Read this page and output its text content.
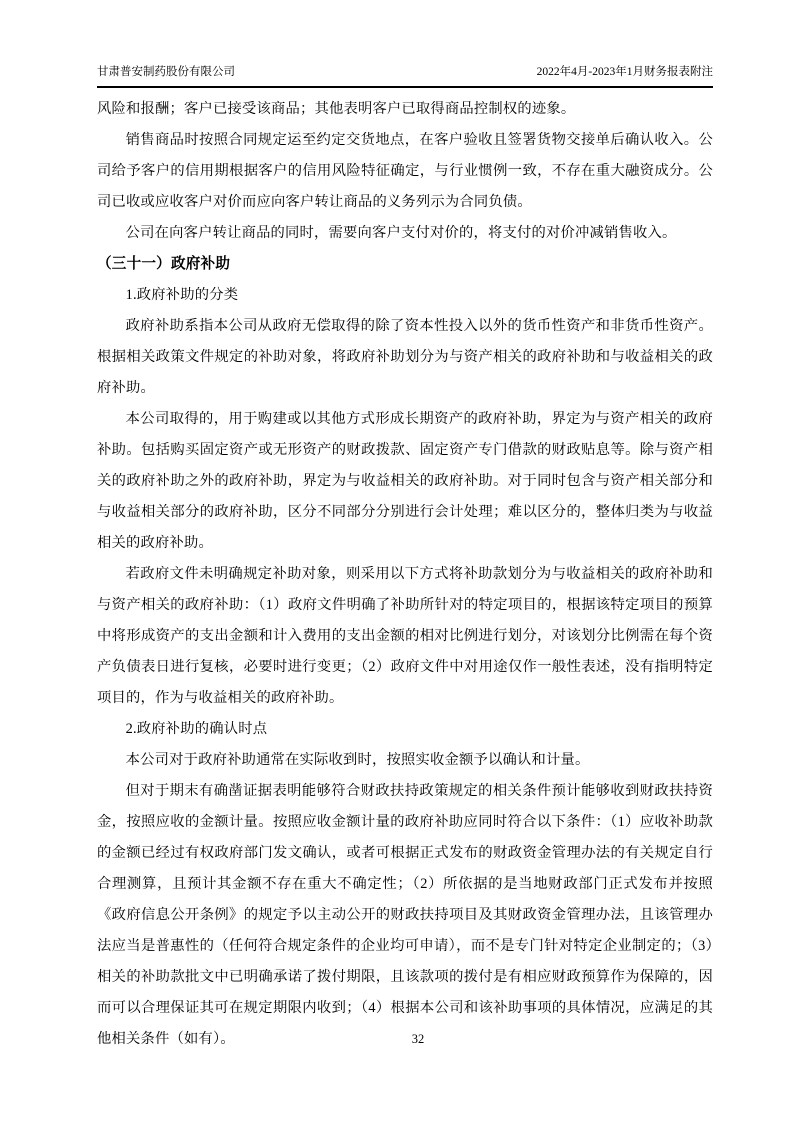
甘肃普安制药股份有限公司	2022年4月-2023年1月财务报表附注

风险和报酬；客户已接受该商品；其他表明客户已取得商品控制权的迹象。

销售商品时按照合同规定运至约定交货地点，在客户验收且签署货物交接单后确认收入。公司给予客户的信用期根据客户的信用风险特征确定，与行业惯例一致，不存在重大融资成分。公司已收或应收客户对价而应向客户转让商品的义务列示为合同负债。

公司在向客户转让商品的同时，需要向客户支付对价的，将支付的对价冲减销售收入。

（三十一）政府补助

1.政府补助的分类

政府补助系指本公司从政府无偿取得的除了资本性投入以外的货币性资产和非货币性资产。根据相关政策文件规定的补助对象，将政府补助划分为与资产相关的政府补助和与收益相关的政府补助。

本公司取得的，用于购建或以其他方式形成长期资产的政府补助，界定为与资产相关的政府补助。包括购买固定资产或无形资产的财政拨款、固定资产专门借款的财政贴息等。除与资产相关的政府补助之外的政府补助，界定为与收益相关的政府补助。对于同时包含与资产相关部分和与收益相关部分的政府补助，区分不同部分分别进行会计处理；难以区分的，整体归类为与收益相关的政府补助。

若政府文件未明确规定补助对象，则采用以下方式将补助款划分为与收益相关的政府补助和与资产相关的政府补助：（1）政府文件明确了补助所针对的特定项目的，根据该特定项目的预算中将形成资产的支出金额和计入费用的支出金额的相对比例进行划分，对该划分比例需在每个资产负债表日进行复核，必要时进行变更；（2）政府文件中对用途仅作一般性表述，没有指明特定项目的，作为与收益相关的政府补助。

2.政府补助的确认时点

本公司对于政府补助通常在实际收到时，按照实收金额予以确认和计量。

但对于期末有确凿证据表明能够符合财政扶持政策规定的相关条件预计能够收到财政扶持资金，按照应收的金额计量。按照应收金额计量的政府补助应同时符合以下条件：（1）应收补助款的金额已经过有权政府部门发文确认，或者可根据正式发布的财政资金管理办法的有关规定自行合理测算，且预计其金额不存在重大不确定性；（2）所依据的是当地财政部门正式发布并按照《政府信息公开条例》的规定予以主动公开的财政扶持项目及其财政资金管理办法，且该管理办法应当是普惠性的（任何符合规定条件的企业均可申请），而不是专门针对特定企业制定的；（3）相关的补助款批文中已明确承诺了拨付期限，且该款项的拨付是有相应财政预算作为保障的，因而可以合理保证其可在规定期限内收到；（4）根据本公司和该补助事项的具体情况，应满足的其他相关条件（如有）。	32
